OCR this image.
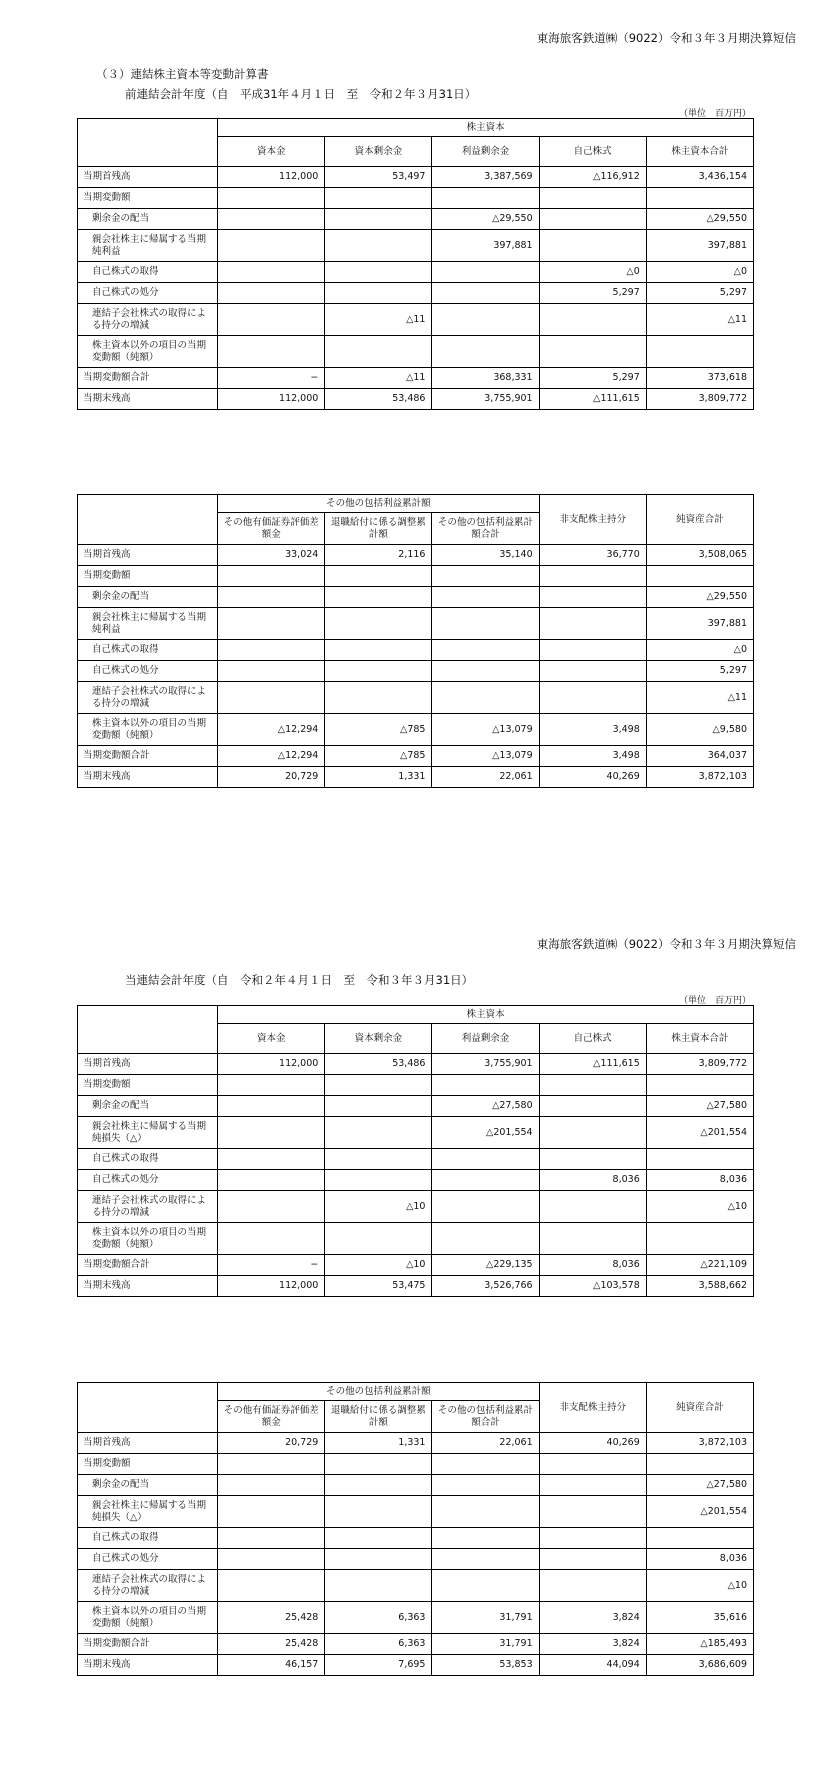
東海旅客鉄道㈱（9022）令和３年３月期決算短信
（３）連結株主資本等変動計算書
前連結会計年度（自　平成31年４月１日　至　令和２年３月31日）
（単位　百万円）
	株主資本				
	資本金	資本剰余金	利益剰余金	自己株式	株主資本合計
当期首残高	112,000	53,497	3,387,569	△116,912	3,436,154
当期変動額					
剰余金の配当			△29,550		△29,550
親会社株主に帰属する当期純利益			397,881		397,881
自己株式の取得				△0	△0
自己株式の処分				5,297	5,297
連結子会社株式の取得による持分の増減		△11			△11
株主資本以外の項目の当期変動額（純額）					
当期変動額合計	−	△11	368,331	5,297	373,618
当期末残高	112,000	53,486	3,755,901	△111,615	3,809,772
	その他の包括利益累計額			非支配株主持分	純資産合計
	その他有価証券評価差額金	退職給付に係る調整累計額	その他の包括利益累計額合計		
当期首残高	33,024	2,116	35,140	36,770	3,508,065
当期変動額					
剰余金の配当					△29,550
親会社株主に帰属する当期純利益					397,881
自己株式の取得					△0
自己株式の処分					5,297
連結子会社株式の取得による持分の増減					△11
株主資本以外の項目の当期変動額（純額）	△12,294	△785	△13,079	3,498	△9,580
当期変動額合計	△12,294	△785	△13,079	3,498	364,037
当期末残高	20,729	1,331	22,061	40,269	3,872,103
東海旅客鉄道㈱（9022）令和３年３月期決算短信
当連結会計年度（自　令和２年４月１日　至　令和３年３月31日）
（単位　百万円）
	株主資本				
	資本金	資本剰余金	利益剰余金	自己株式	株主資本合計
当期首残高	112,000	53,486	3,755,901	△111,615	3,809,772
当期変動額					
剰余金の配当			△27,580		△27,580
親会社株主に帰属する当期純損失（△）			△201,554		△201,554
自己株式の取得					
自己株式の処分				8,036	8,036
連結子会社株式の取得による持分の増減		△10			△10
株主資本以外の項目の当期変動額（純額）					
当期変動額合計	−	△10	△229,135	8,036	△221,109
当期末残高	112,000	53,475	3,526,766	△103,578	3,588,662
	その他の包括利益累計額			非支配株主持分	純資産合計
	その他有価証券評価差額金	退職給付に係る調整累計額	その他の包括利益累計額合計		
当期首残高	20,729	1,331	22,061	40,269	3,872,103
当期変動額					
剰余金の配当					△27,580
親会社株主に帰属する当期純損失（△）					△201,554
自己株式の取得					
自己株式の処分					8,036
連結子会社株式の取得による持分の増減					△10
株主資本以外の項目の当期変動額（純額）	25,428	6,363	31,791	3,824	35,616
当期変動額合計	25,428	6,363	31,791	3,824	△185,493
当期末残高	46,157	7,695	53,853	44,094	3,686,609
